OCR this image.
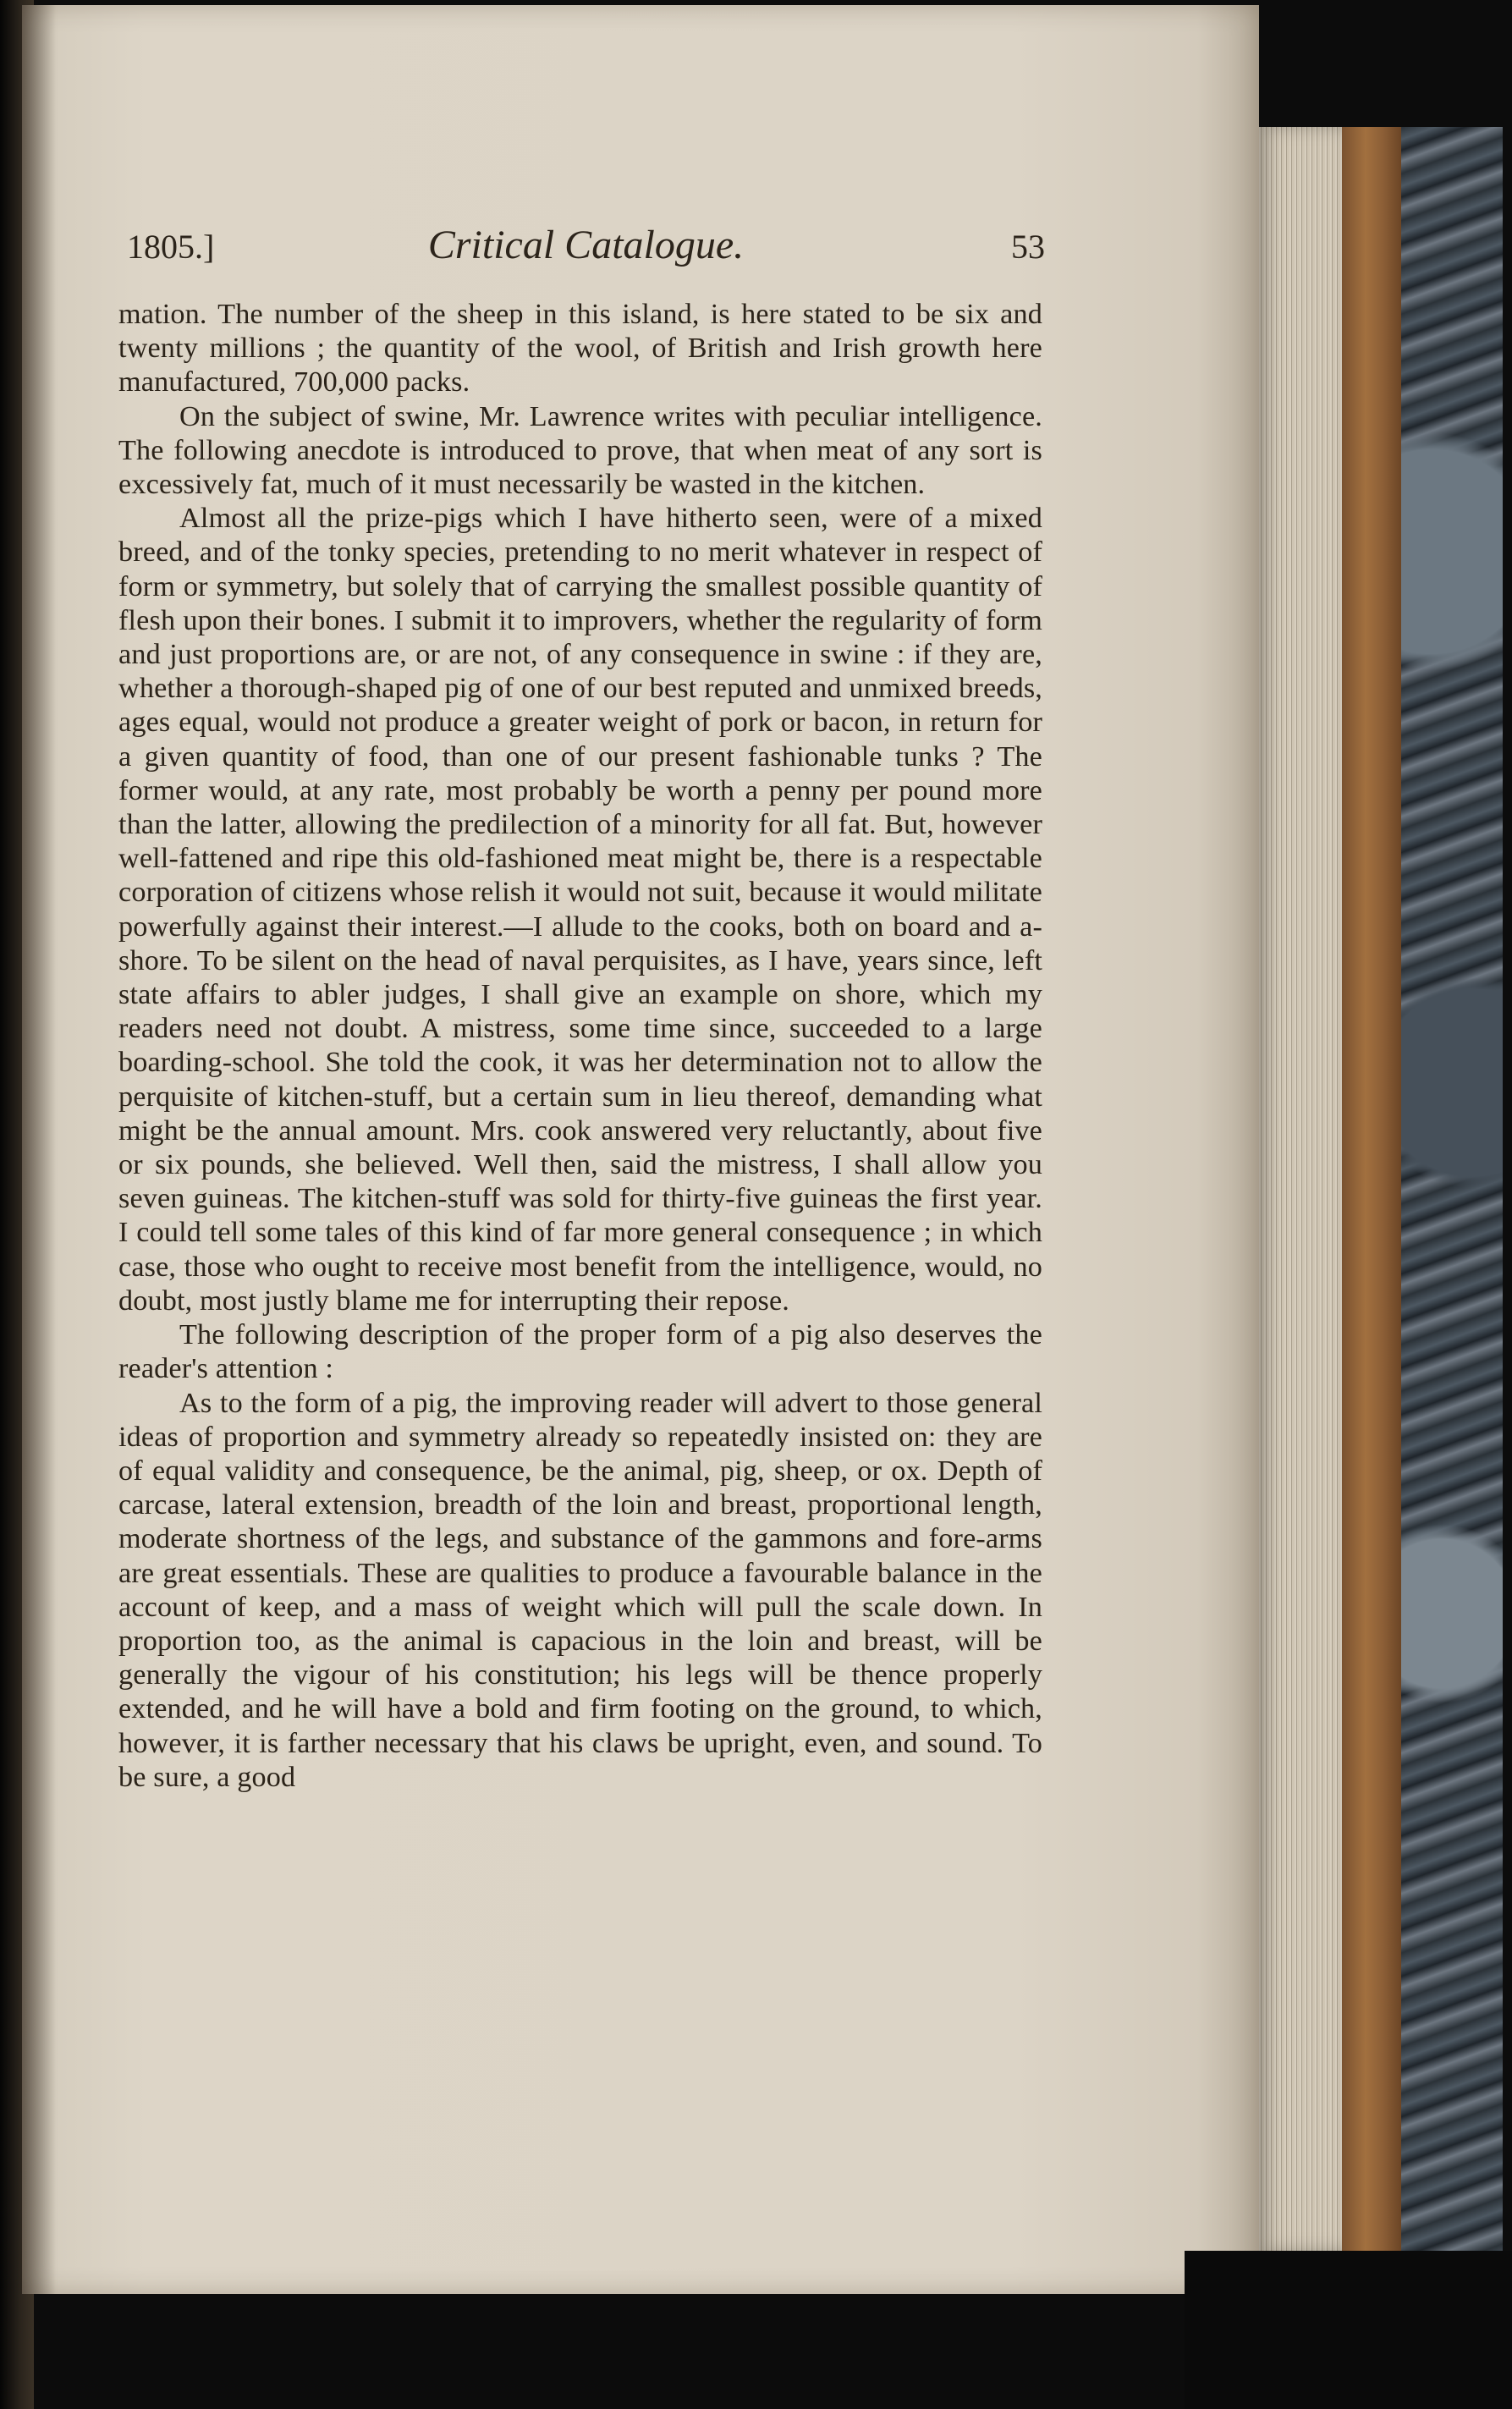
1805.]	Critical Catalogue.	53

mation. The number of the sheep in this island, is here stated to be six and twenty millions ; the quantity of the wool, of British and Irish growth here manufactured, 700,000 packs.

On the subject of swine, Mr. Lawrence writes with peculiar intelligence. The following anecdote is introduced to prove, that when meat of any sort is excessively fat, much of it must necessarily be wasted in the kitchen.

Almost all the prize-pigs which I have hitherto seen, were of a mixed breed, and of the tonky species, pretending to no merit whatever in respect of form or symmetry, but solely that of carrying the smallest possible quantity of flesh upon their bones. I submit it to improvers, whether the regularity of form and just proportions are, or are not, of any consequence in swine : if they are, whether a thorough-shaped pig of one of our best reputed and unmixed breeds, ages equal, would not produce a greater weight of pork or bacon, in return for a given quantity of food, than one of our present fashionable tunks ? The former would, at any rate, most probably be worth a penny per pound more than the latter, allowing the predilection of a minority for all fat. But, however well-fattened and ripe this old-fashioned meat might be, there is a respectable corporation of citizens whose relish it would not suit, because it would militate powerfully against their interest.—I allude to the cooks, both on board and a-shore. To be silent on the head of naval perquisites, as I have, years since, left state affairs to abler judges, I shall give an example on shore, which my readers need not doubt. A mistress, some time since, succeeded to a large boarding-school. She told the cook, it was her determination not to allow the perquisite of kitchen-stuff, but a certain sum in lieu thereof, demanding what might be the annual amount. Mrs. cook answered very reluctantly, about five or six pounds, she believed. Well then, said the mistress, I shall allow you seven guineas. The kitchen-stuff was sold for thirty-five guineas the first year. I could tell some tales of this kind of far more general consequence ; in which case, those who ought to receive most benefit from the intelligence, would, no doubt, most justly blame me for interrupting their repose.

The following description of the proper form of a pig also deserves the reader's attention :

As to the form of a pig, the improving reader will advert to those general ideas of proportion and symmetry already so repeatedly insisted on: they are of equal validity and consequence, be the animal, pig, sheep, or ox. Depth of carcase, lateral extension, breadth of the loin and breast, proportional length, moderate shortness of the legs, and substance of the gammons and fore-arms are great essentials. These are qualities to produce a favourable balance in the account of keep, and a mass of weight which will pull the scale down. In proportion too, as the animal is capacious in the loin and breast, will be generally the vigour of his constitution; his legs will be thence properly extended, and he will have a bold and firm footing on the ground, to which, however, it is farther necessary that his claws be upright, even, and sound. To be sure, a good
